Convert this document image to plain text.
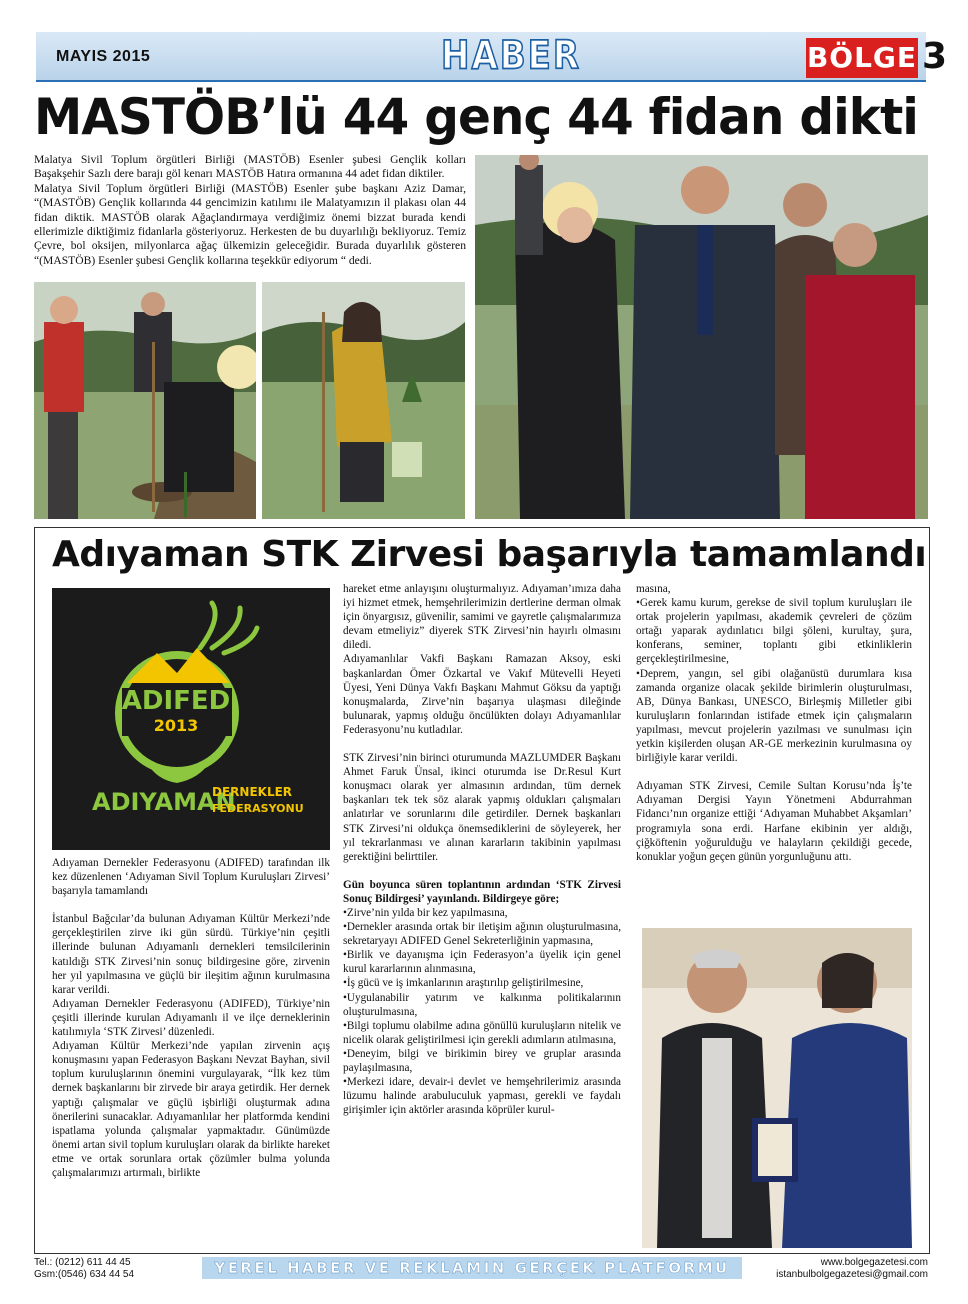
MAYIS 2015	HABER	BÖLGE 3
MASTÖB’lü 44 genç 44 fidan dikti

Malatya Sivil Toplum örgütleri Birliği (MASTÖB) Esenler şubesi Gençlik kolları Başakşehir Sazlı dere barajı göl kenarı MASTÖB Hatıra ormanına 44 adet fidan diktiler.

Malatya Sivil Toplum örgütleri Birliği (MASTÖB) Esenler şube başkanı Aziz Damar, “(MASTÖB) Gençlik kollarında 44 gencimizin katılımı ile Malatyamızın il plakası olan 44 fidan diktik. MASTÖB olarak Ağaçlandırmaya verdiğimiz önemi bizzat burada kendi ellerimizle diktiğimiz fidanlarla gösteriyoruz. Herkesten de bu duyarlılığı bekliyoruz. Temiz Çevre, bol oksijen, milyonlarca ağaç ülkemizin geleceğidir. Burada duyarlılık gösteren “(MASTÖB) Esenler şubesi Gençlik kollarına teşekkür ediyorum “ dedi.

Adıyaman STK Zirvesi başarıyla tamamlandı
ADIFED
2013
ADIYAMAN
DERNEKLER
FEDERASYONU

Adıyaman Dernekler Federasyonu (ADIFED) tarafından ilk kez düzenlenen ‘Adıyaman Sivil Toplum Kuruluşları Zirvesi’ başarıyla tamamlandı

İstanbul Bağcılar’da bulunan Adıyaman Kültür Merkezi’nde gerçekleştirilen zirve iki gün sürdü. Türkiye’nin çeşitli illerinde bulunan Adıyamanlı dernekleri temsilcilerinin katıldığı STK Zirvesi’nin sonuç bildirgesine göre, zirvenin her yıl yapılmasına ve güçlü bir ileşitim ağının kurulmasına karar verildi.

Adıyaman Dernekler Federasyonu (ADIFED), Türkiye’nin çeşitli illerinde kurulan Adıyamanlı il ve ilçe derneklerinin katılımıyla ‘STK Zirvesi’ düzenledi.

Adıyaman Kültür Merkezi’nde yapılan zirvenin açış konuşmasını yapan Federasyon Başkanı Nevzat Bayhan, sivil toplum kuruluşlarının önemini vurgulayarak, “İlk kez tüm dernek başkanlarını bir zirvede bir araya getirdik. Her dernek yaptığı çalışmalar ve güçlü işbirliği oluşturmak adına önerilerini sunacaklar. Adıyamanlılar her platformda kendini ispatlama yolunda çalışmalar yapmaktadır. Günümüzde önemi artan sivil toplum kuruluşları olarak da birlikte hareket etme ve ortak sorunlara ortak çözümler bulma yolunda çalışmalarımızı artırmalı, birlikte

hareket etme anlayışını oluşturmalıyız. Adıyaman’ımıza daha iyi hizmet etmek, hemşehrilerimizin dertlerine derman olmak için önyargısız, güvenilir, samimi ve gayretle çalışmalarımıza devam etmeliyiz” diyerek STK Zirvesi’nin hayırlı olmasını diledi.

Adıyamanlılar Vakfi Başkanı Ramazan Aksoy, eski başkanlardan Ömer Özkartal ve Vakıf Mütevelli Heyeti Üyesi, Yeni Dünya Vakfı Başkanı Mahmut Göksu da yaptığı konuşmalarda, Zirve’nin başarıya ulaşması dileğinde bulunarak, yapmış olduğu öncülükten dolayı Adıyamanlılar Federasyonu’nu kutladılar.

STK Zirvesi’nin birinci oturumunda MAZLUMDER Başkanı Ahmet Faruk Ünsal, ikinci oturumda ise Dr.Resul Kurt konuşmacı olarak yer almasının ardından, tüm dernek başkanları tek tek söz alarak yapmış oldukları çalışmaları anlatırlar ve sorunlarını dile getirdiler. Dernek başkanları STK Zirvesi’ni oldukça önemsediklerini de söyleyerek, her yıl tekrarlanması ve alınan kararların takibinin yapılması gerektiğini belirttiler.

Gün boyunca süren toplantının ardından ‘STK Zirvesi Sonuç Bildirgesi’ yayınlandı. Bildirgeye göre;

•Zirve’nin yılda bir kez yapılmasına,

•Dernekler arasında ortak bir iletişim ağının oluşturulmasına, sekretaryayı ADIFED Genel Sekreterliğinin yapmasına,

•Birlik ve dayanışma için Federasyon’a üyelik için genel kurul kararlarının alınmasına,

•İş gücü ve iş imkanlarının araştırılıp geliştirilmesine,

•Uygulanabilir yatırım ve kalkınma politikalarının oluşturulmasına,

•Bilgi toplumu olabilme adına gönüllü kuruluşların nitelik ve nicelik olarak geliştirilmesi için gerekli adımların atılmasına,

•Deneyim, bilgi ve birikimin birey ve gruplar arasında paylaşılmasına,

•Merkezi idare, devair-i devlet ve hemşehrilerimiz arasında lüzumu halinde arabuluculuk yapması, gerekli ve faydalı girişimler için aktörler arasında köprüler kurul-

masına,

•Gerek kamu kurum, gerekse de sivil toplum kuruluşları ile ortak projelerin yapılması, akademik çevreleri de çözüm ortağı yaparak aydınlatıcı bilgi şöleni, kurultay, şura, konferans, seminer, toplantı gibi etkinliklerin gerçekleştirilmesine,

•Deprem, yangın, sel gibi olağanüstü durumlara kısa zamanda organize olacak şekilde birimlerin oluşturulması, AB, Dünya Bankası, UNESCO, Birleşmiş Milletler gibi kuruluşların fonlarından istifade etmek için çalışmaların yapılması, mevcut projelerin yazılması ve sunulması için yetkin kişilerden oluşan AR-GE merkezinin kurulmasına oy birliğiyle karar verildi.

Adıyaman STK Zirvesi, Cemile Sultan Korusu’nda İş’te Adıyaman Dergisi Yayın Yönetmeni Abdurrahman Fidancı’nın organize ettiği ‘Adıyaman Muhabbet Akşamları’ programıyla sona erdi. Harfane ekibinin yer aldığı, çiğköftenin yoğurulduğu ve halayların çekildiği gecede, konuklar yoğun geçen günün yorgunluğunu attı.

Tel.: (0212) 611 44 45
Gsm:(0546) 634 44 54	YEREL HABER VE REKLAMIN GERÇEK PLATFORMU	www.bolgegazetesi.com
istanbulbolgegazetesi@gmail.com
